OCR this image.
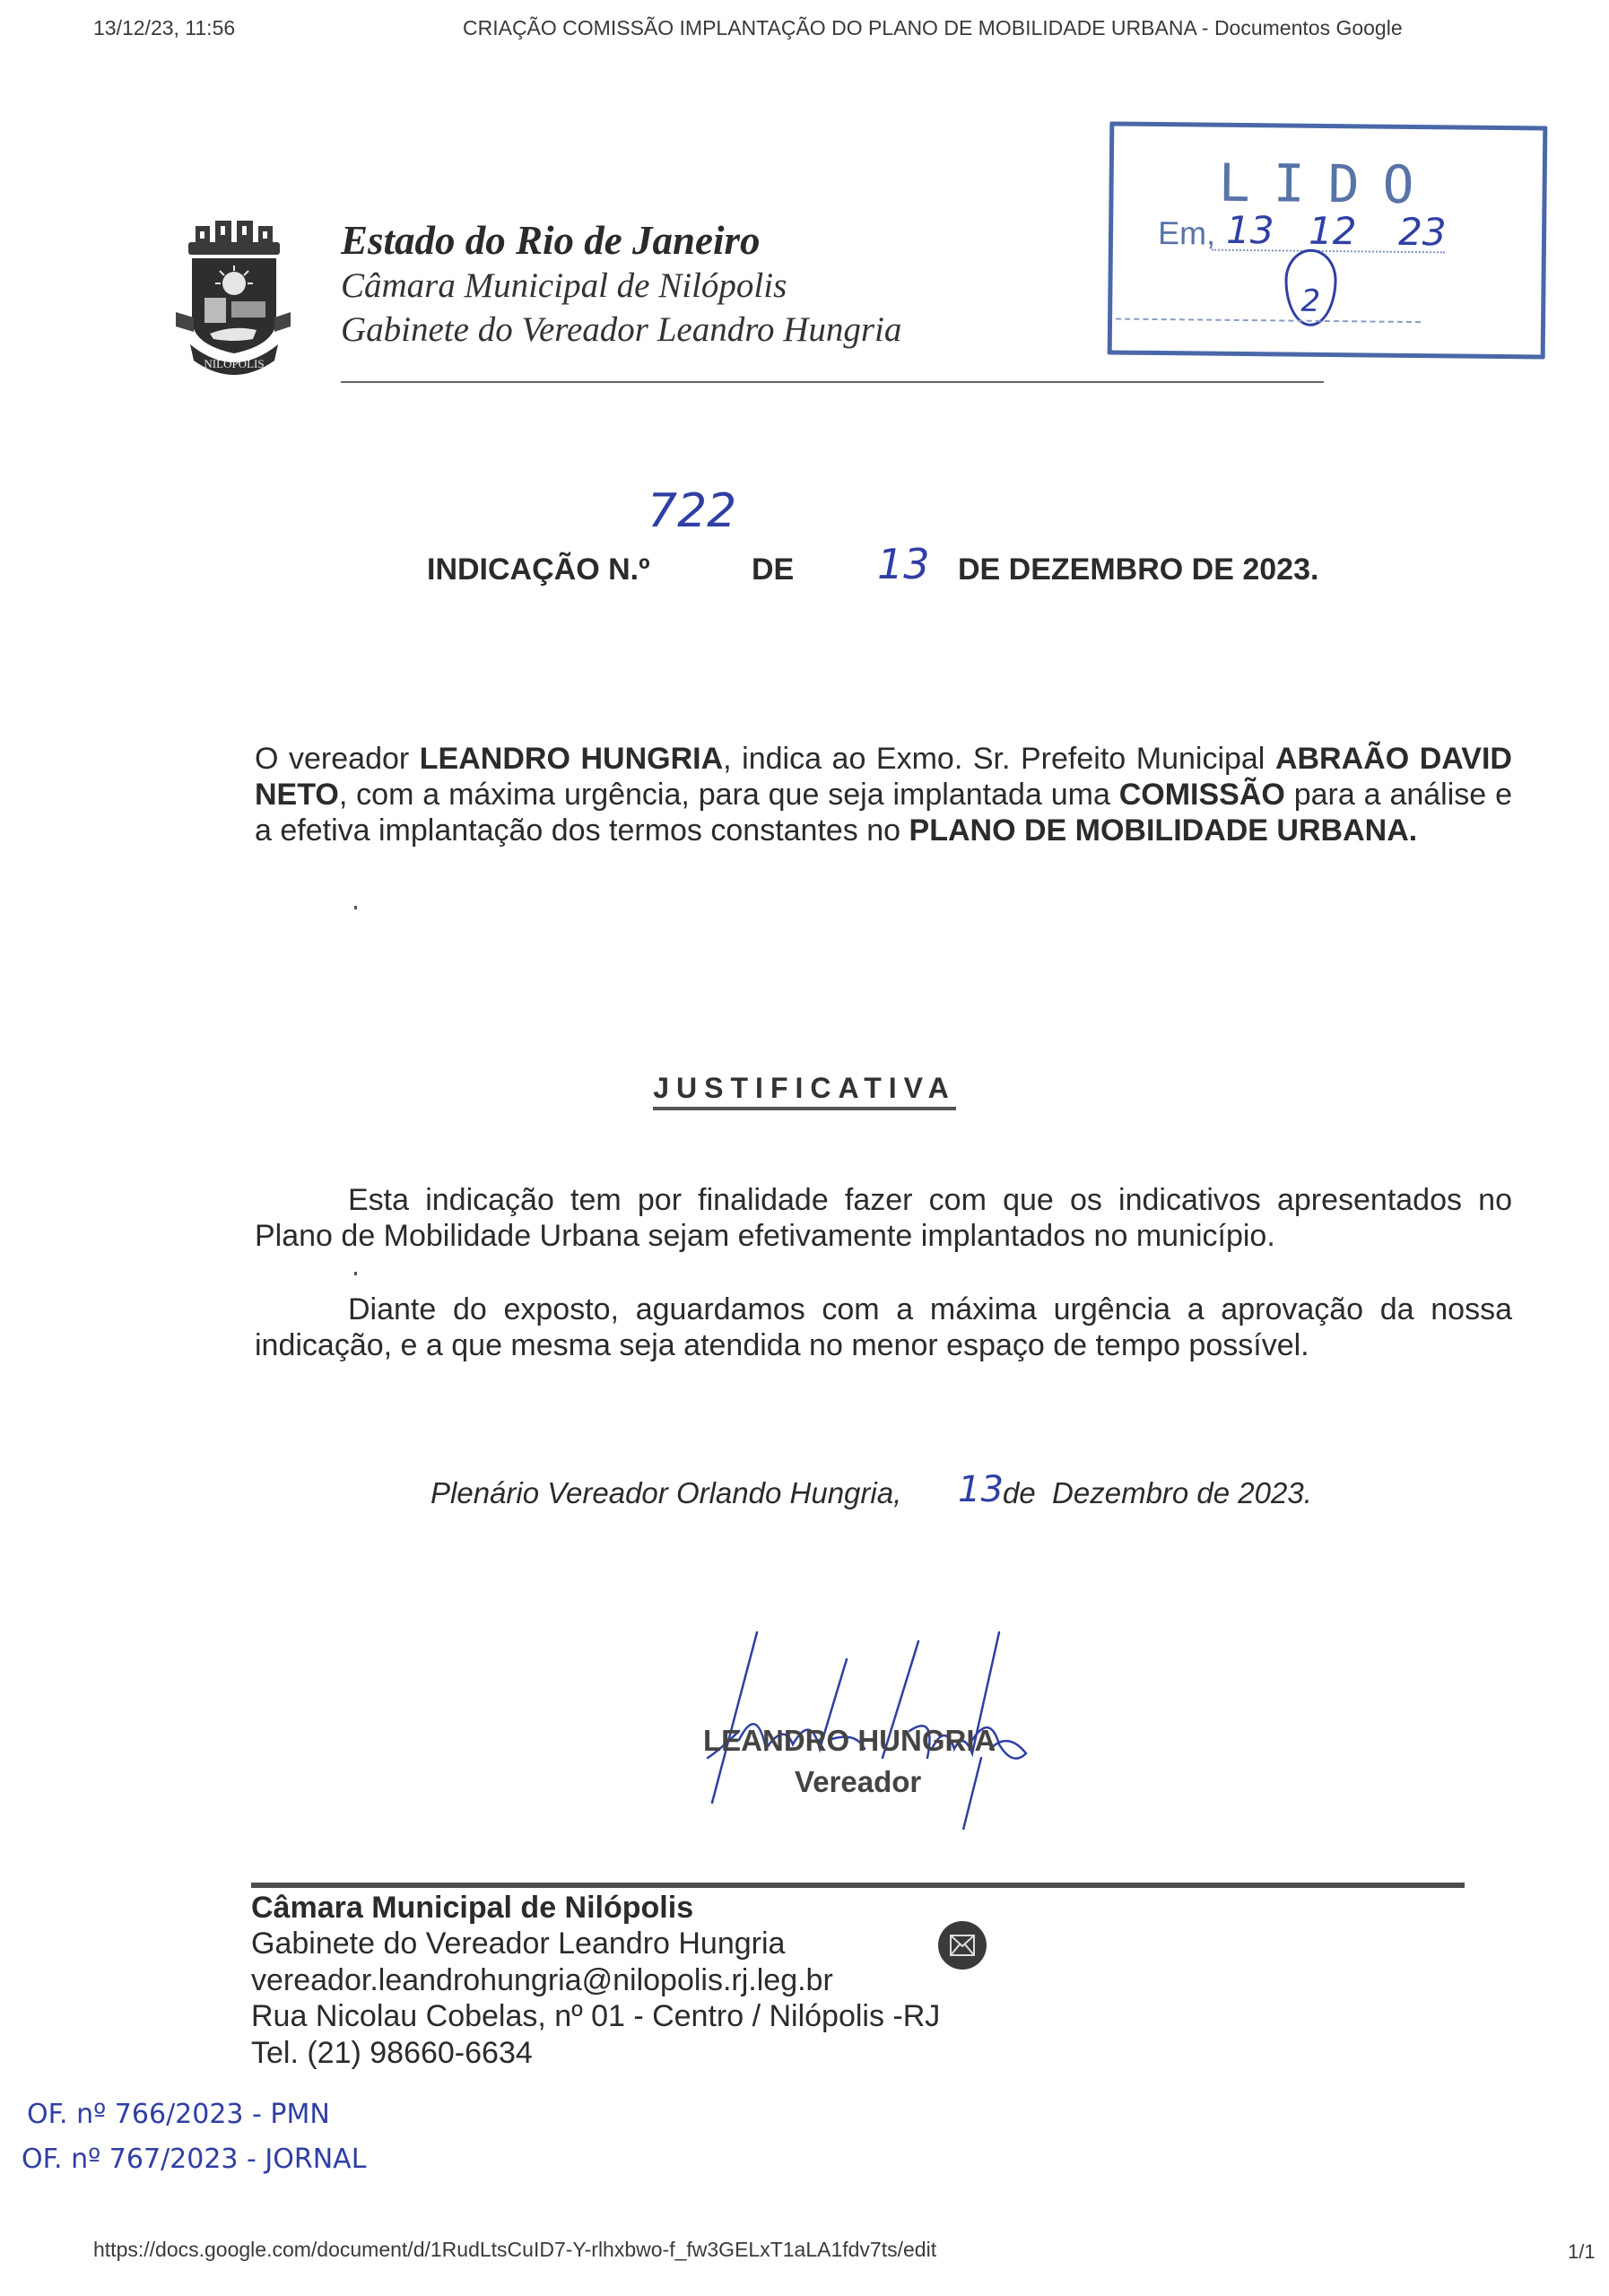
13/12/23, 11:56	CRIAÇÃO COMISSÃO IMPLANTAÇÃO DO PLANO DE MOBILIDADE URBANA - Documentos Google
NILÓPOLIS
Estado do Rio de Janeiro
Câmara Municipal de Nilópolis
Gabinete do Vereador Leandro Hungria
LIDO
Em, 13 12 23
2
722
INDICAÇÃO N.º	DE 13 DE DEZEMBRO DE 2023.
O vereador LEANDRO HUNGRIA, indica ao Exmo. Sr. Prefeito Municipal ABRAÃO DAVID NETO, com a máxima urgência, para que seja implantada uma COMISSÃO para a análise e a efetiva implantação dos termos constantes no PLANO DE MOBILIDADE URBANA.
JUSTIFICATIVA
Esta indicação tem por finalidade fazer com que os indicativos apresentados no Plano de Mobilidade Urbana sejam efetivamente implantados no município.
Diante do exposto, aguardamos com a máxima urgência a aprovação da nossa indicação, e a que mesma seja atendida no menor espaço de tempo possível.
Plenário Vereador Orlando Hungria, 13 de  Dezembro de 2023.
LEANDRO HUNGRIA
Vereador
Câmara Municipal de Nilópolis
Gabinete do Vereador Leandro Hungria
vereador.leandrohungria@nilopolis.rj.leg.br
Rua Nicolau Cobelas, nº 01 - Centro / Nilópolis -RJ
Tel. (21) 98660-6634
OF. nº 766/2023 - PMN
OF. nº 767/2023 - JORNAL
https://docs.google.com/document/d/1RudLtsCuID7-Y-rlhxbwo-f_fw3GELxT1aLA1fdv7ts/edit	1/1
